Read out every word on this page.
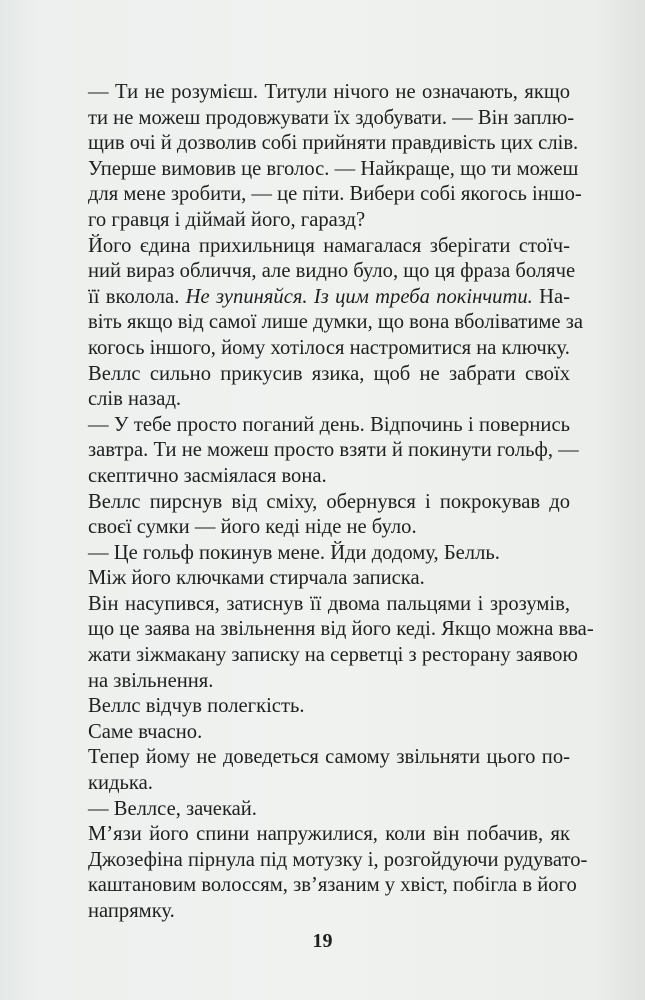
— Ти не розумієш. Титули нічого не означають, якщо
ти не можеш продовжувати їх здобувати. — Він заплю-
щив очі й дозволив собі прийняти правдивість цих слів.
Уперше вимовив це вголос. — Найкраще, що ти можеш
для мене зробити, — це піти. Вибери собі якогось іншо-
го гравця і діймай його, гаразд?
Його єдина прихильниця намагалася зберігати стоїч-
ний вираз обличчя, але видно було, що ця фраза боляче
її вколола. Не зупиняйся. Із цим треба покінчити. На-
віть якщо від самої лише думки, що вона вболіватиме за
когось іншого, йому хотілося настромитися на ключку.
Веллс сильно прикусив язика, щоб не забрати своїх
слів назад.
— У тебе просто поганий день. Відпочинь і повернись
завтра. Ти не можеш просто взяти й покинути гольф, —
скептично засміялася вона.
Веллс пирснув від сміху, обернувся і покрокував до
своєї сумки — його кеді ніде не було.
— Це гольф покинув мене. Йди додому, Белль.
Між його ключками стирчала записка.
Він насупився, затиснув її двома пальцями і зрозумів,
що це заява на звільнення від його кеді. Якщо можна вва-
жати зіжмакану записку на серветці з ресторану заявою
на звільнення.
Веллс відчув полегкість.
Саме вчасно.
Тепер йому не доведеться самому звільняти цього по-
кидька.
— Веллсе, зачекай.
М’язи його спини напружилися, коли він побачив, як
Джозефіна пірнула під мотузку і, розгойдуючи рудувато-
каштановим волоссям, зв’язаним у хвіст, побігла в його
напрямку.
19
